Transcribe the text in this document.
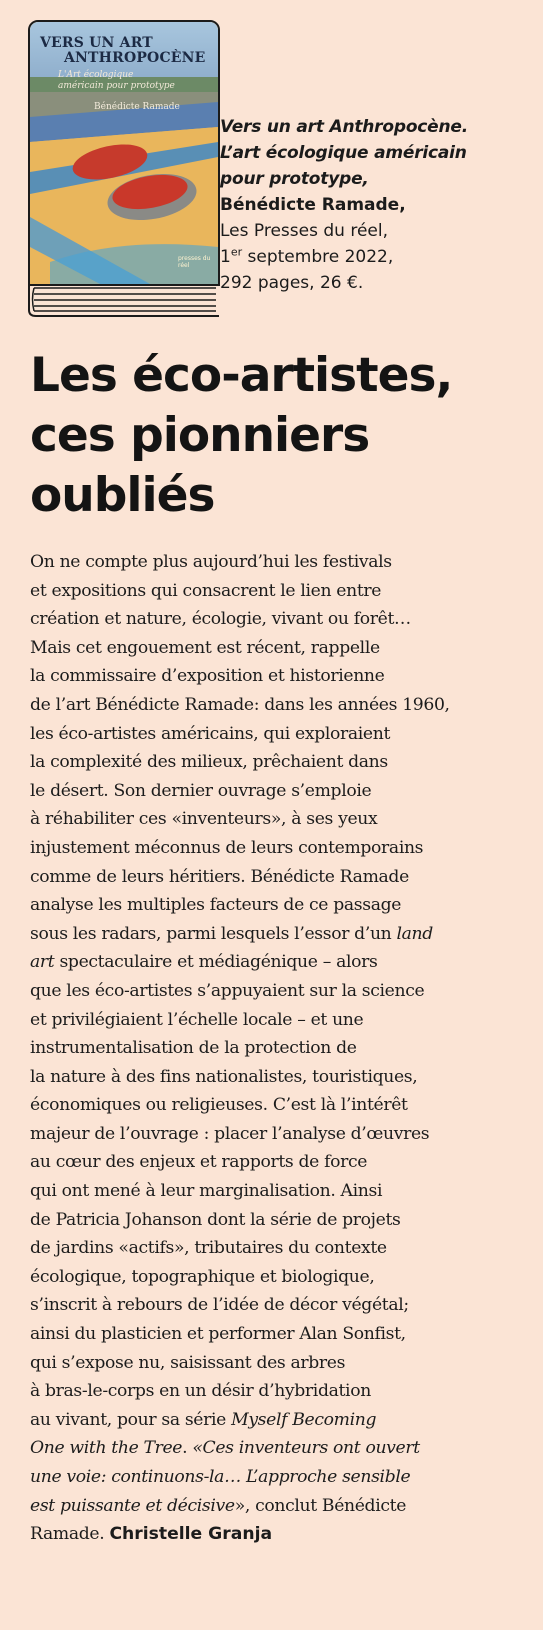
VERS UN ART
ANTHROPOCÈNE
L'Art écologique américain pour prototype
Bénédicte Ramade
presses du réel
Vers un art Anthropocène.
L’art écologique américain
pour prototype,
Bénédicte Ramade,
Les Presses du réel,
1er septembre 2022,
292 pages, 26 €.
Les éco-artistes,
ces pionniers
oubliés
On ne compte plus aujourd’hui les festivals
et expositions qui consacrent le lien entre
création et nature, écologie, vivant ou forêt…
Mais cet engouement est récent, rappelle
la commissaire d’exposition et historienne
de l’art Bénédicte Ramade: dans les années 1960,
les éco-artistes américains, qui exploraient
la complexité des milieux, prêchaient dans
le désert. Son dernier ouvrage s’emploie
à réhabiliter ces «inventeurs», à ses yeux
injustement méconnus de leurs contemporains
comme de leurs héritiers. Bénédicte Ramade
analyse les multiples facteurs de ce passage
sous les radars, parmi lesquels l’essor d’un land
art spectaculaire et médiagénique – alors
que les éco-artistes s’appuyaient sur la science
et privilégiaient l’échelle locale – et une
instrumentalisation de la protection de
la nature à des fins nationalistes, touristiques,
économiques ou religieuses. C’est là l’intérêt
majeur de l’ouvrage : placer l’analyse d’œuvres
au cœur des enjeux et rapports de force
qui ont mené à leur marginalisation. Ainsi
de Patricia Johanson dont la série de projets
de jardins «actifs», tributaires du contexte
écologique, topographique et biologique,
s’inscrit à rebours de l’idée de décor végétal;
ainsi du plasticien et performer Alan Sonfist,
qui s’expose nu, saisissant des arbres
à bras-le-corps en un désir d’hybridation
au vivant, pour sa série Myself Becoming
One with the Tree. «Ces inventeurs ont ouvert
une voie: continuons-la… L’approche sensible
est puissante et décisive», conclut Bénédicte
Ramade. Christelle Granja
